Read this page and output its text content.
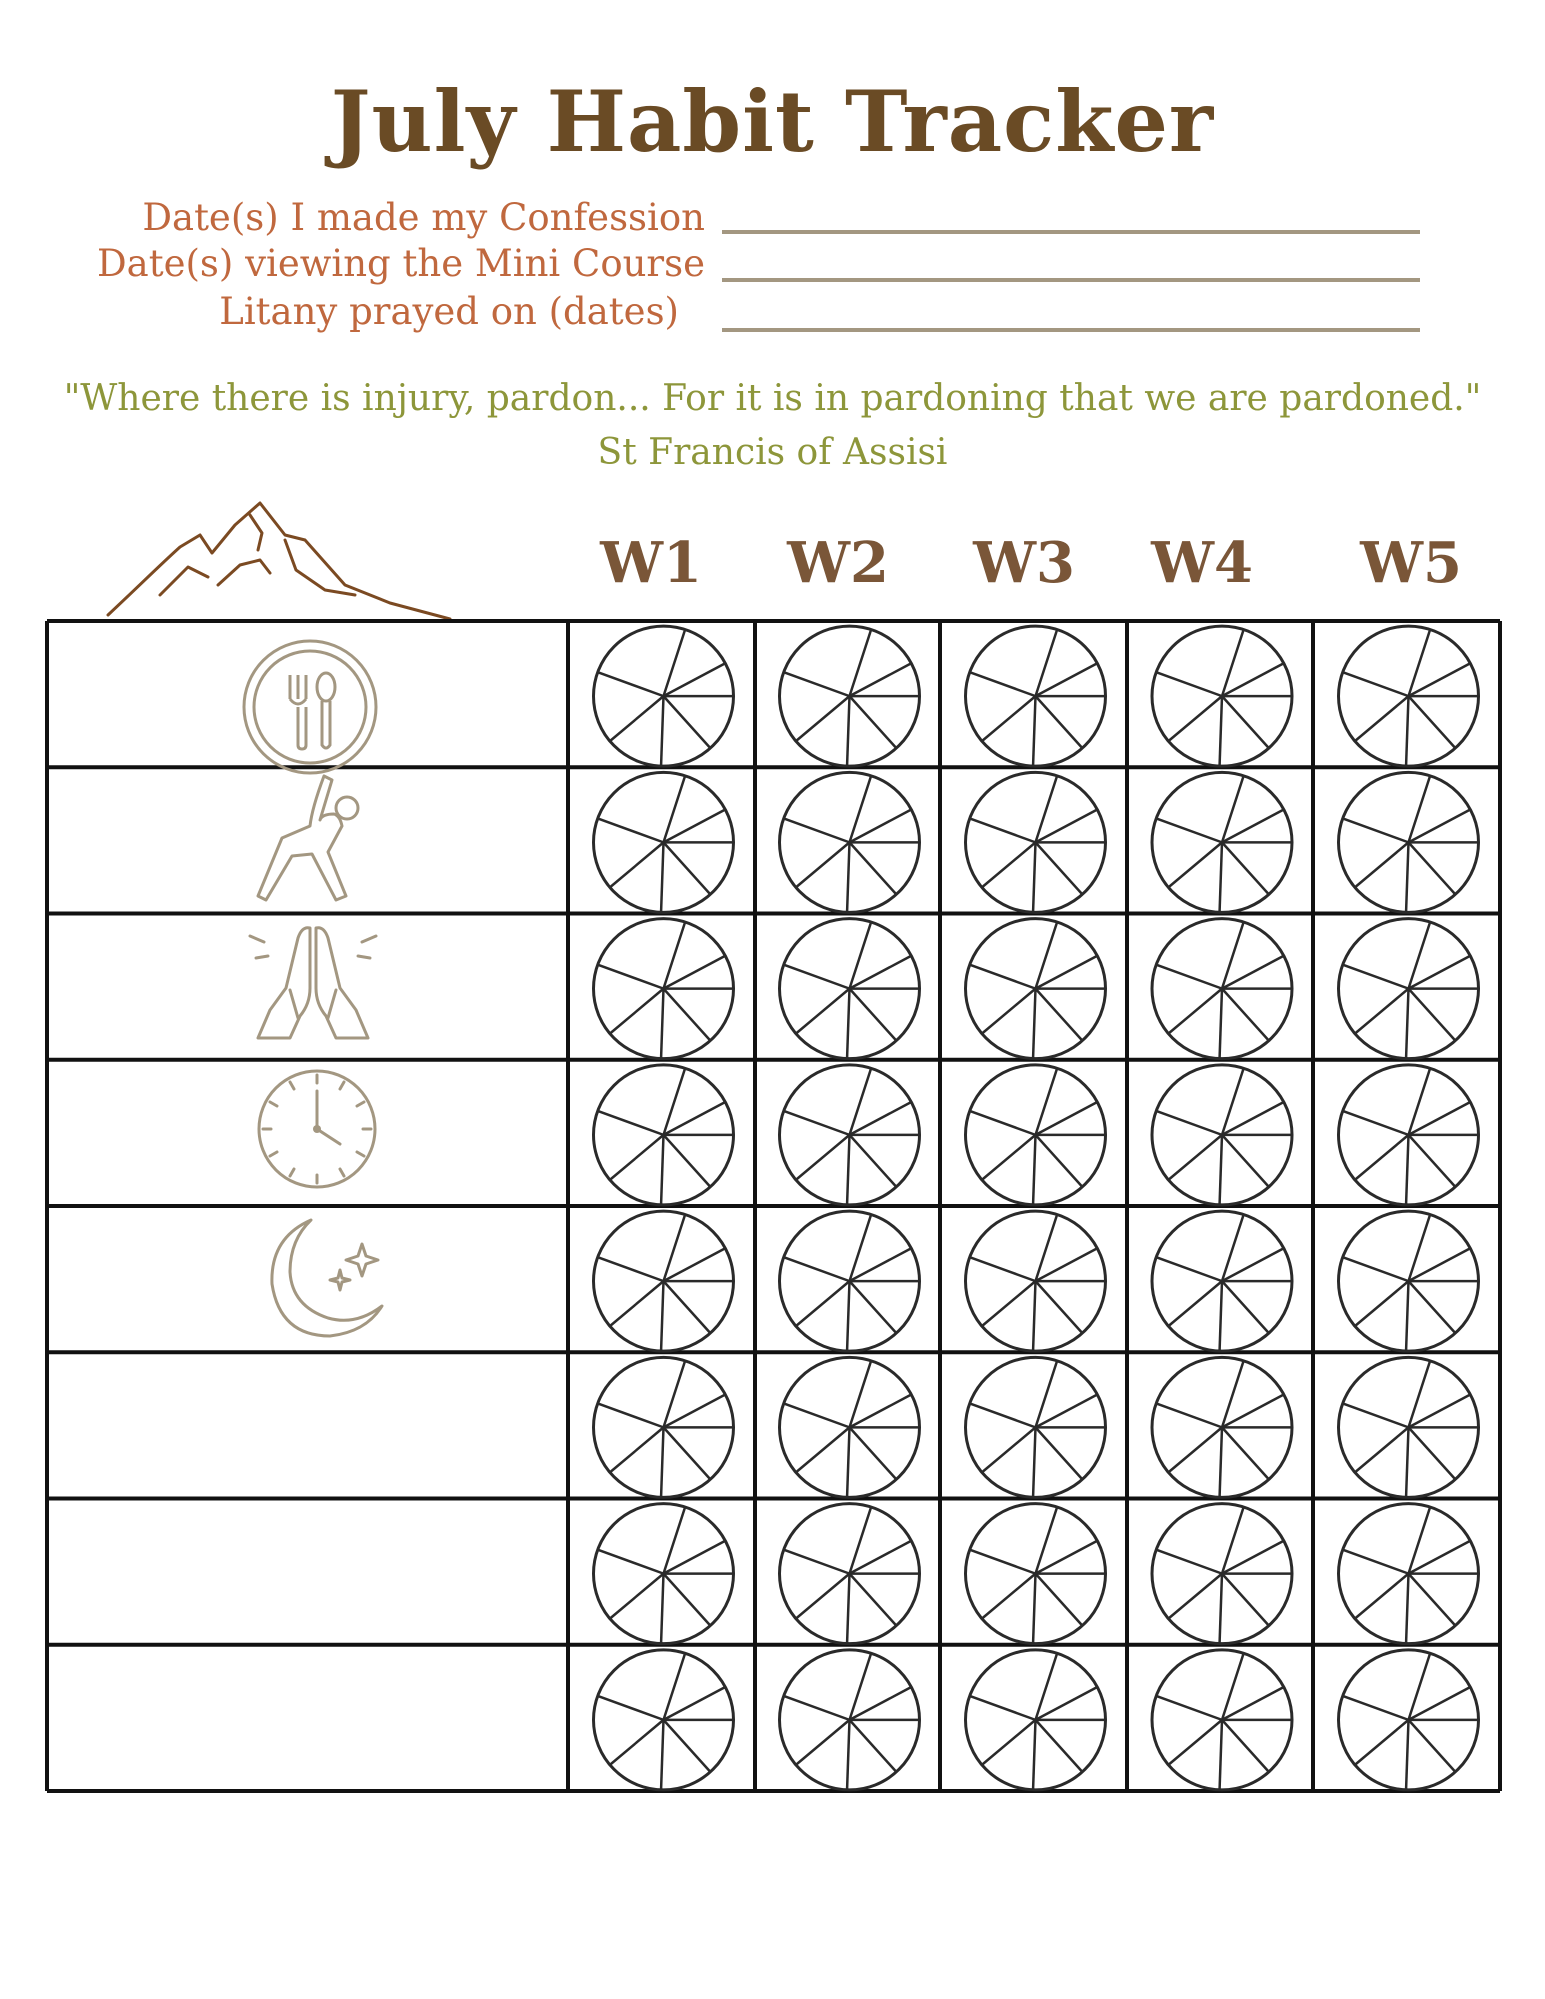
July Habit Tracker
Date(s) I made my Confession
Date(s) viewing the Mini Course
Litany prayed on (dates)
"Where there is injury, pardon... For it is in pardoning that we are pardoned."
St Francis of Assisi
W1	W2	W3	W4	W5
